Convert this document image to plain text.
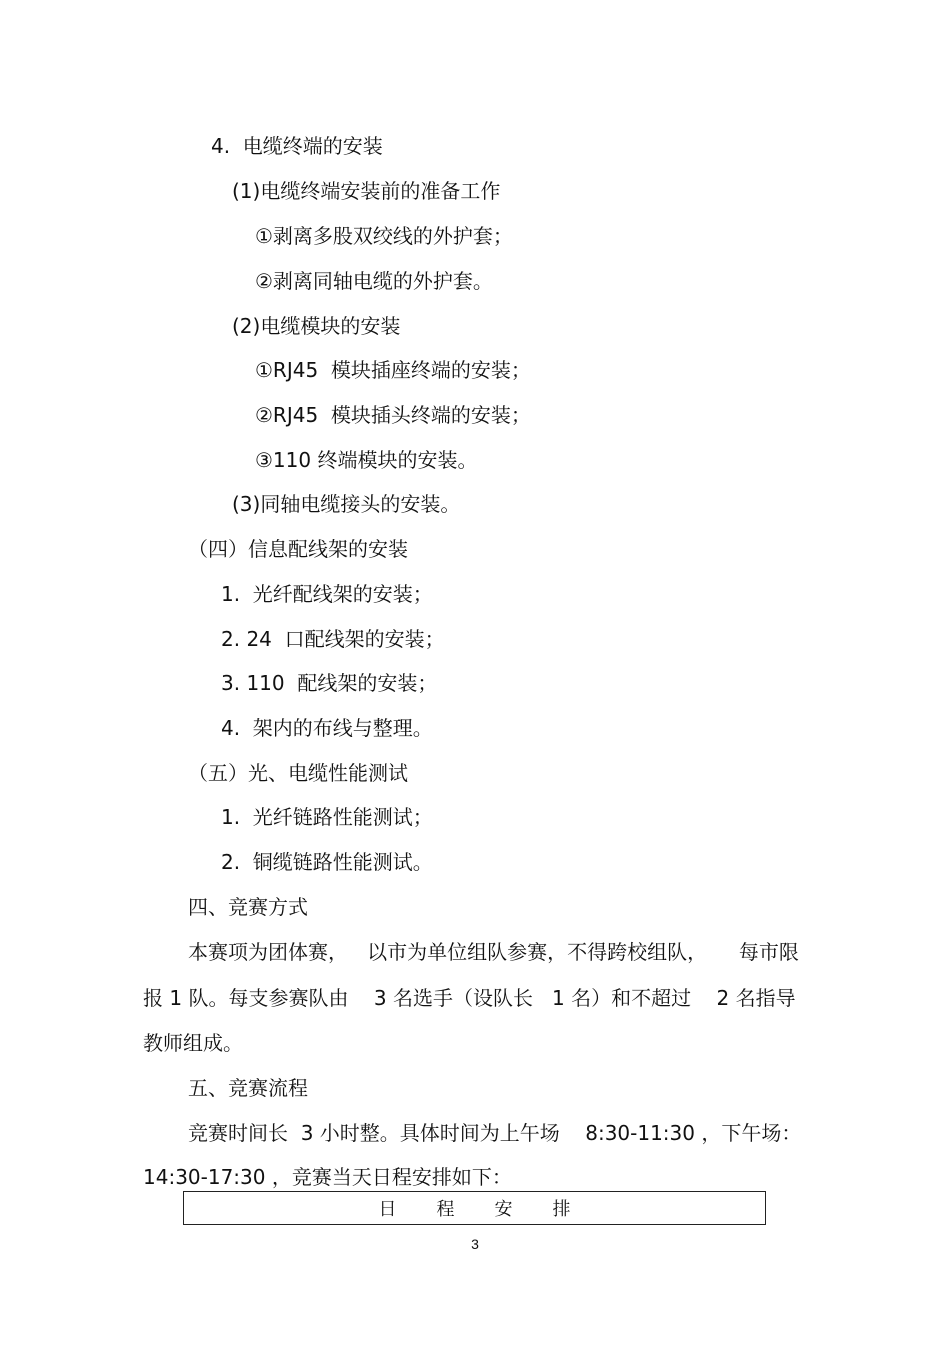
4.  电缆终端的安装
(1)电缆终端安装前的准备工作
①剥离多股双绞线的外护套；
②剥离同轴电缆的外护套。
(2)电缆模块的安装
①RJ45  模块插座终端的安装；
②RJ45  模块插头终端的安装；
③110 终端模块的安装。
(3)同轴电缆接头的安装。
（四）信息配线架的安装
1.  光纤配线架的安装；
2. 24  口配线架的安装；
3. 110  配线架的安装；
4.  架内的布线与整理。
（五）光、电缆性能测试
1.  光纤链路性能测试；
2.  铜缆链路性能测试。
四、竞赛方式
本赛项为团体赛，   以市为单位组队参赛，不得跨校组队，     每市限
报 1 队。每支参赛队由    3 名选手（设队长   1 名）和不超过    2 名指导
教师组成。
五、竞赛流程
竞赛时间长  3 小时整。具体时间为上午场    8:30-11:30 ，下午场：
14:30-17:30 ，竞赛当天日程安排如下：
日程安排
3
